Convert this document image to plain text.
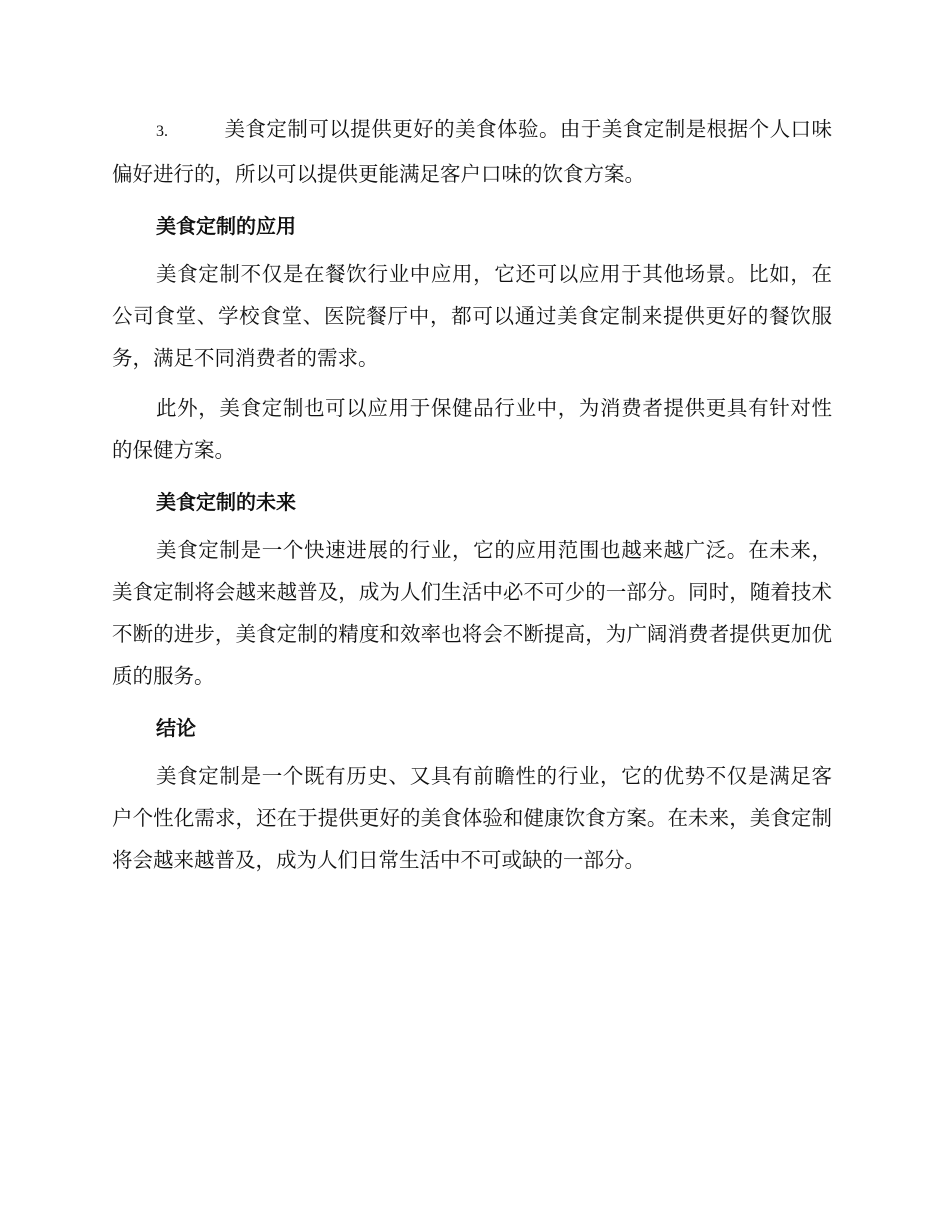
3.	美食定制可以提供更好的美食体验。由于美食定制是根据个人口味偏好进行的，所以可以提供更能满足客户口味的饮食方案。

美食定制的应用

美食定制不仅是在餐饮行业中应用，它还可以应用于其他场景。比如，在公司食堂、学校食堂、医院餐厅中，都可以通过美食定制来提供更好的餐饮服务，满足不同消费者的需求。

此外，美食定制也可以应用于保健品行业中，为消费者提供更具有针对性的保健方案。

美食定制的未来

美食定制是一个快速进展的行业，它的应用范围也越来越广泛。在未来，美食定制将会越来越普及，成为人们生活中必不可少的一部分。同时，随着技术不断的进步，美食定制的精度和效率也将会不断提高，为广阔消费者提供更加优质的服务。

结论

美食定制是一个既有历史、又具有前瞻性的行业，它的优势不仅是满足客户个性化需求，还在于提供更好的美食体验和健康饮食方案。在未来，美食定制将会越来越普及，成为人们日常生活中不可或缺的一部分。
